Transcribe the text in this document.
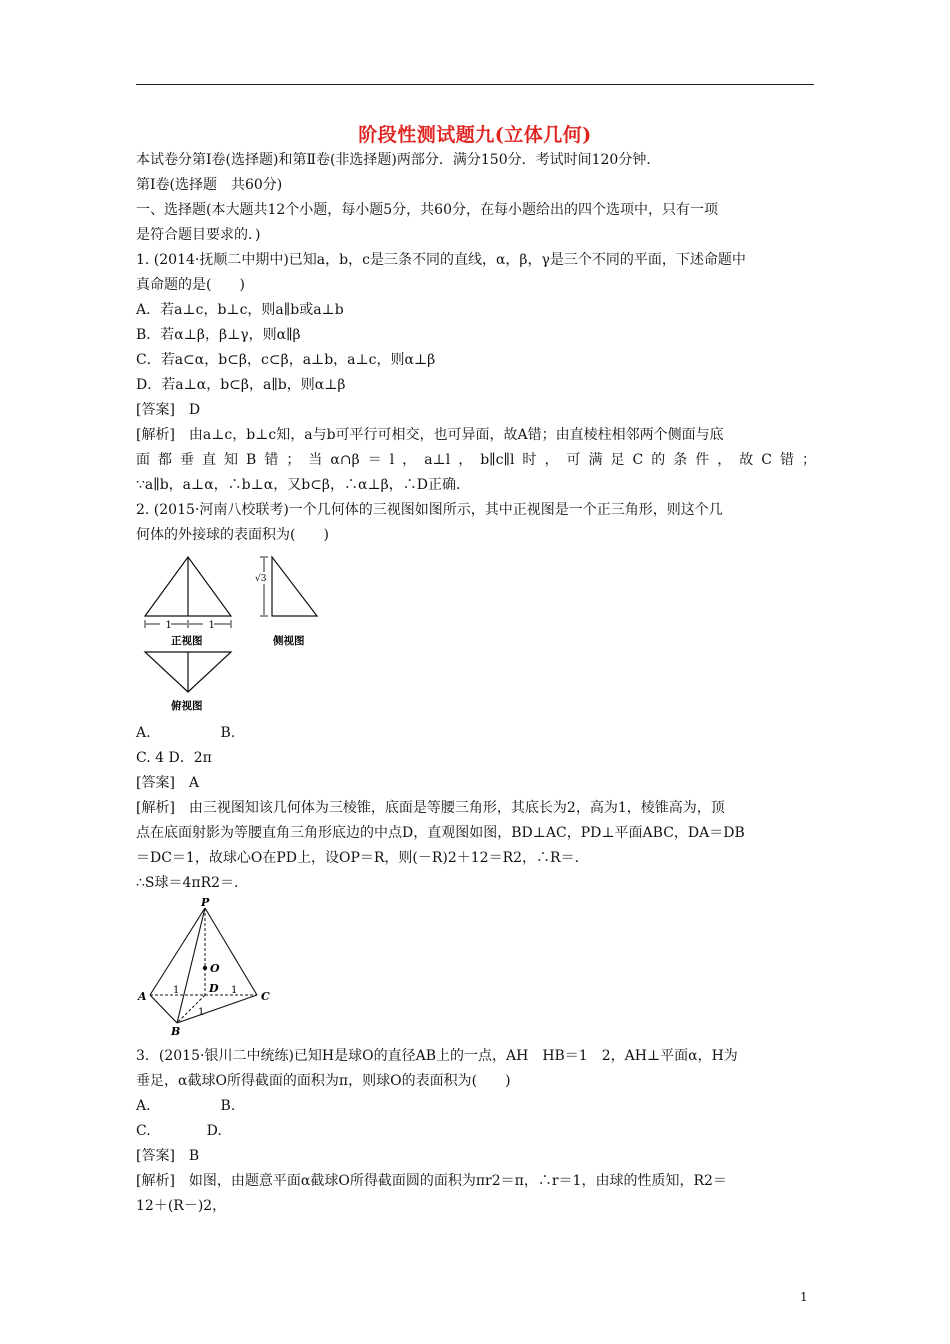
阶段性测试题九(立体几何)
本试卷分第Ⅰ卷(选择题)和第Ⅱ卷(非选择题)两部分．满分150分．考试时间120分钟．
第Ⅰ卷(选择题　共60分)
一、选择题(本大题共12个小题，每小题5分，共60分，在每小题给出的四个选项中，只有一项
是符合题目要求的．)
1. (2014·抚顺二中期中)已知a，b，c是三条不同的直线，α，β，γ是三个不同的平面，下述命题中
真命题的是(　　)
A．若a⊥c，b⊥c，则a∥b或a⊥b
B．若α⊥β，β⊥γ，则α∥β
C．若a⊂α，b⊂β，c⊂β，a⊥b，a⊥c，则α⊥β
D．若a⊥α，b⊂β，a∥b，则α⊥β
[答案]　D
[解析]　由a⊥c，b⊥c知，a与b可平行可相交，也可异面，故A错；由直棱柱相邻两个侧面与底
面都垂直知B错；当α∩β＝l，a⊥l，b∥c∥l时，可满足C的条件，故C错；
∵a∥b，a⊥α，∴b⊥α，又b⊂β，∴α⊥β，∴D正确．
2. (2015·河南八校联考)一个几何体的三视图如图所示，其中正视图是一个正三角形，则这个几
何体的外接球的表面积为(　　)
1	1
正视图
√3
侧视图
俯视图
A.　　　　　B.
C. 4 D．2π
[答案]　A
[解析]　由三视图知该几何体为三棱锥，底面是等腰三角形，其底长为2，高为1，棱锥高为，顶
点在底面射影为等腰直角三角形底边的中点D，直观图如图，BD⊥AC，PD⊥平面ABC，DA＝DB
＝DC＝1，故球心O在PD上，设OP＝R，则(－R)2＋12＝R2，∴R＝.
∴S球＝4πR2＝.
P
O
A
B
C
D
1	1
1
3．(2015·银川二中统练)已知H是球O的直径AB上的一点，AH　HB＝1　2，AH⊥平面α，H为
垂足，α截球O所得截面的面积为π，则球O的表面积为(　　)
A.　　　　　B.
C.　　　　D.
[答案]　B
[解析]　如图，由题意平面α截球O所得截面圆的面积为πr2＝π，∴r＝1，由球的性质知，R2＝
12＋(R－)2，
1
